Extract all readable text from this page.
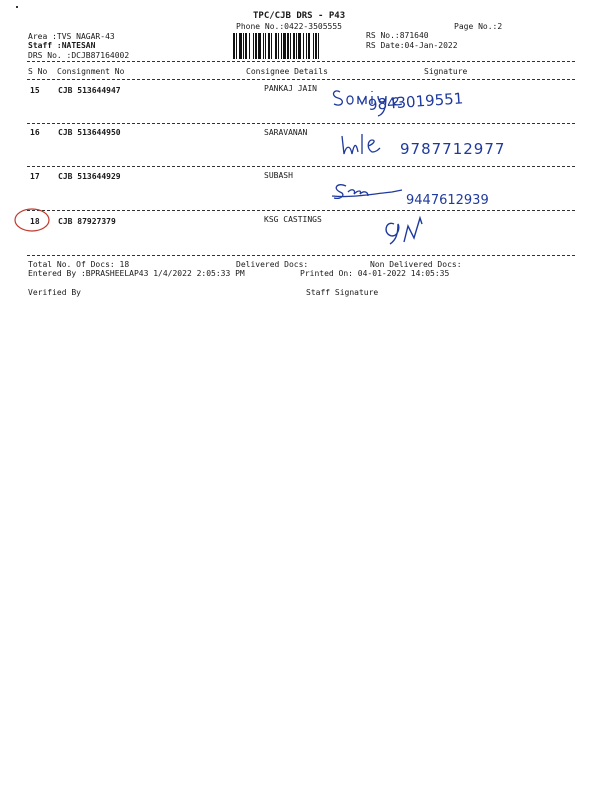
TPC/CJB DRS - P43
Phone No.:0422-3505555	Page No.:2
Area :TVS NAGAR-43
Staff :NATESAN
DRS No. :DCJB87164002
RS No.:871640
RS Date:04-Jan-2022
S No Consignment No	Consignee Details	Signature
15 CJB 513644947	PANKAJ JAIN
9843019551
16 CJB 513644950	SARAVANAN
9787712977
17 CJB 513644929	SUBASH
9447612939
18 CJB 87927379	KSG CASTINGS
Total No. Of Docs: 18	Delivered Docs:	Non Delivered Docs:
Entered By :BPRASHEELAP43 1/4/2022 2:05:33 PM	Printed On: 04-01-2022 14:05:35
Verified By	Staff Signature
